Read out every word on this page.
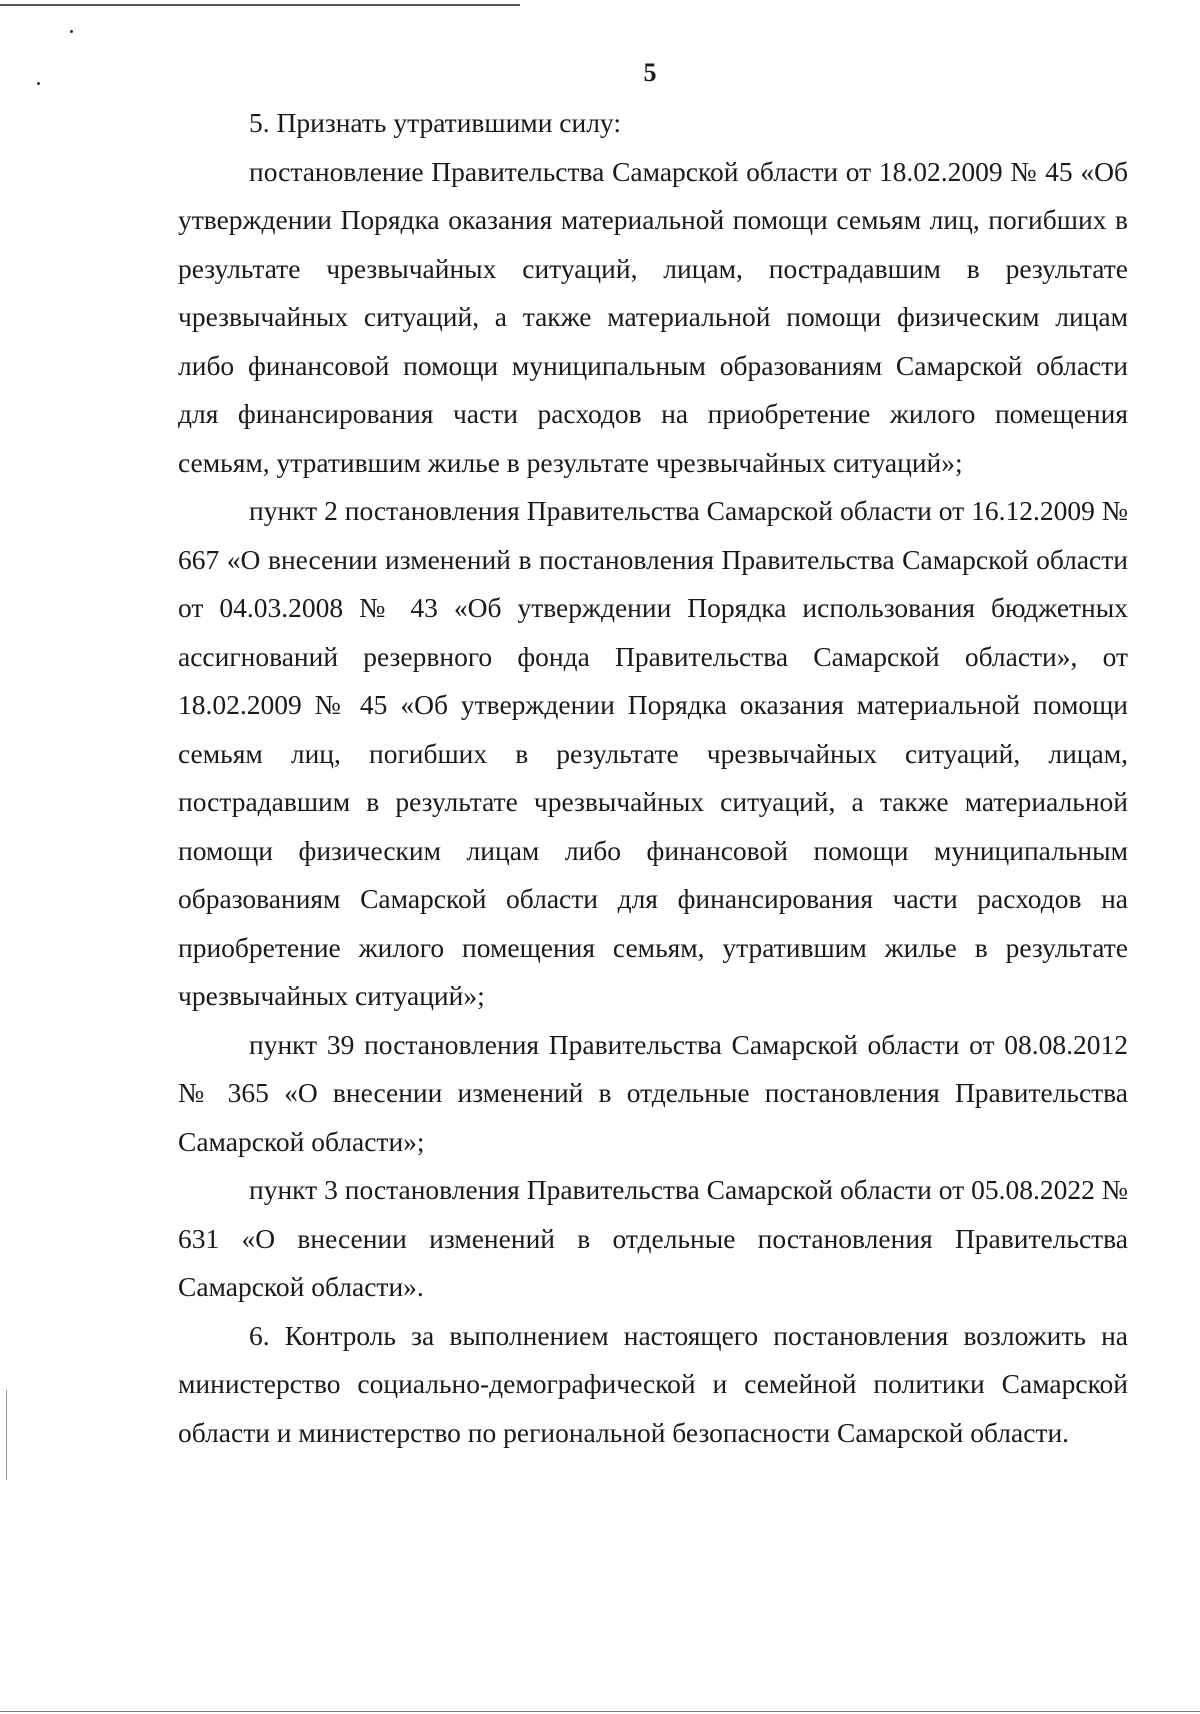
5

5. Признать утратившими силу:

постановление Правительства Самарской области от 18.02.2009 № 45 «Об утверждении Порядка оказания материальной помощи семьям лиц, погибших в результате чрезвычайных ситуаций, лицам, пострадавшим в результате чрезвычайных ситуаций, а также материальной помощи физическим лицам либо финансовой помощи муниципальным образованиям Самарской области для финансирования части расходов на приобретение жилого помещения семьям, утратившим жилье в результате чрезвычайных ситуаций»;

пункт 2 постановления Правительства Самарской области от 16.12.2009 № 667 «О внесении изменений в постановления Правительства Самарской области от 04.03.2008 № 43 «Об утверждении Порядка использования бюджетных ассигнований резервного фонда Правительства Самарской области», от 18.02.2009 № 45 «Об утверждении Порядка оказания материальной помощи семьям лиц, погибших в результате чрезвычайных ситуаций, лицам, пострадавшим в результате чрезвычайных ситуаций, а также материальной помощи физическим лицам либо финансовой помощи муниципальным образованиям Самарской области для финансирования части расходов на приобретение жилого помещения семьям, утратившим жилье в результате чрезвычайных ситуаций»;

пункт 39 постановления Правительства Самарской области от 08.08.2012 № 365 «О внесении изменений в отдельные постановления Правительства Самарской области»;

пункт 3 постановления Правительства Самарской области от 05.08.2022 № 631 «О внесении изменений в отдельные постановления Правительства Самарской области».

6. Контроль за выполнением настоящего постановления возложить на министерство социально-демографической и семейной политики Самарской области и министерство по региональной безопасности Самарской области.
